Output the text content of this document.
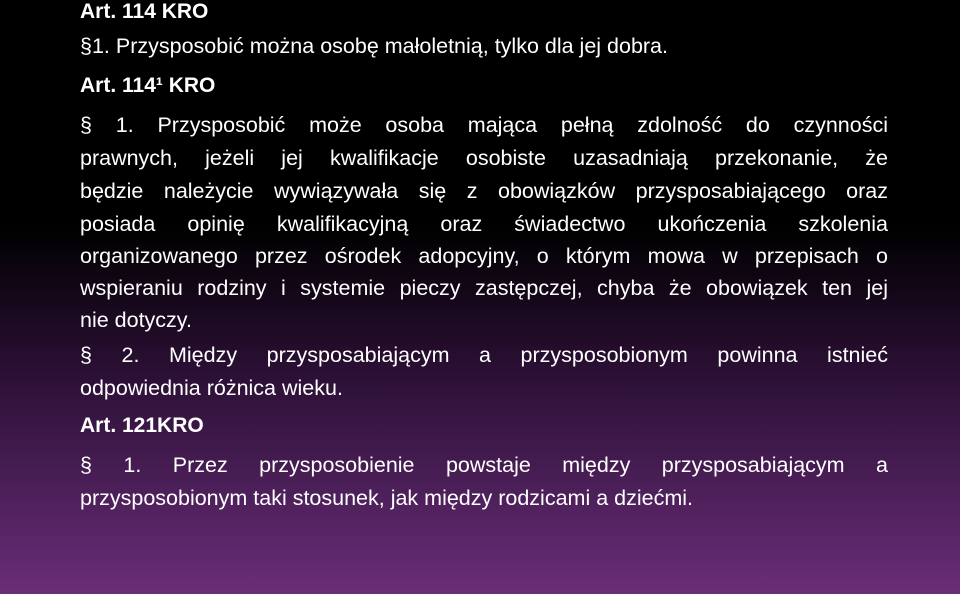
Art. 114 KRO
§1. Przysposobić można osobę małoletnią, tylko dla jej dobra.
Art. 114¹ KRO
§ 1. Przysposobić może osoba mająca pełną zdolność do czynności
prawnych, jeżeli jej kwalifikacje osobiste uzasadniają przekonanie, że
będzie należycie wywiązywała się z obowiązków przysposabiającego oraz
posiada opinię kwalifikacyjną oraz świadectwo ukończenia szkolenia
organizowanego przez ośrodek adopcyjny, o którym mowa w przepisach o
wspieraniu rodziny i systemie pieczy zastępczej, chyba że obowiązek ten jej
nie dotyczy.
§ 2. Między przysposabiającym a przysposobionym powinna istnieć
odpowiednia różnica wieku.
Art. 121KRO
§ 1. Przez przysposobienie powstaje między przysposabiającym a
przysposobionym taki stosunek, jak między rodzicami a dziećmi.
